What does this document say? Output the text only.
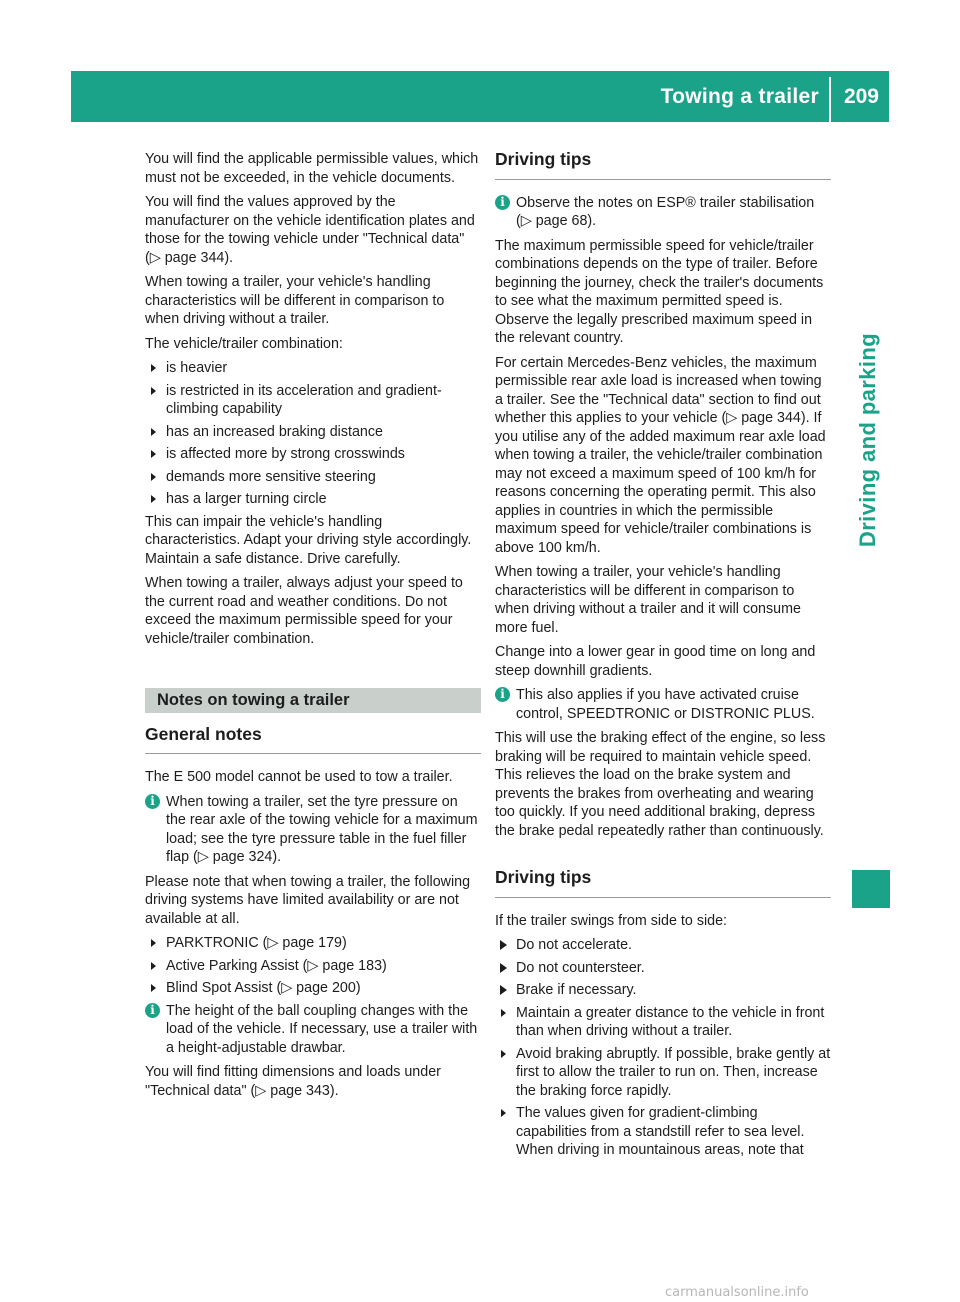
Towing a trailer 209
Driving and parking

You will find the applicable permissible values, which must not be exceeded, in the vehicle documents.

You will find the values approved by the manufacturer on the vehicle identification plates and those for the towing vehicle under "Technical data" (▷ page 344).

When towing a trailer, your vehicle's handling characteristics will be different in comparison to when driving without a trailer.

The vehicle/trailer combination:

is heavier
is restricted in its acceleration and gradient-climbing capability
has an increased braking distance
is affected more by strong crosswinds
demands more sensitive steering
has a larger turning circle

This can impair the vehicle's handling characteristics. Adapt your driving style accordingly. Maintain a safe distance. Drive carefully.

When towing a trailer, always adjust your speed to the current road and weather conditions. Do not exceed the maximum permissible speed for your vehicle/trailer combination.

Notes on towing a trailer
General notes

The E 500 model cannot be used to tow a trailer.

i When towing a trailer, set the tyre pressure on the rear axle of the towing vehicle for a maximum load; see the tyre pressure table in the fuel filler flap (▷ page 324).

Please note that when towing a trailer, the following driving systems have limited availability or are not available at all.

PARKTRONIC (▷ page 179)
Active Parking Assist (▷ page 183)
Blind Spot Assist (▷ page 200)
i The height of the ball coupling changes with the load of the vehicle. If necessary, use a trailer with a height-adjustable drawbar.

You will find fitting dimensions and loads under "Technical data" (▷ page 343).

Driving tips
i Observe the notes on ESP® trailer stabilisation (▷ page 68).

The maximum permissible speed for vehicle/trailer combinations depends on the type of trailer. Before beginning the journey, check the trailer's documents to see what the maximum permitted speed is. Observe the legally prescribed maximum speed in the relevant country.

For certain Mercedes-Benz vehicles, the maximum permissible rear axle load is increased when towing a trailer. See the "Technical data" section to find out whether this applies to your vehicle (▷ page 344). If you utilise any of the added maximum rear axle load when towing a trailer, the vehicle/trailer combination may not exceed a maximum speed of 100 km/h for reasons concerning the operating permit. This also applies in countries in which the permissible maximum speed for vehicle/trailer combinations is above 100 km/h.

When towing a trailer, your vehicle's handling characteristics will be different in comparison to when driving without a trailer and it will consume more fuel.

Change into a lower gear in good time on long and steep downhill gradients.

i This also applies if you have activated cruise control, SPEEDTRONIC or DISTRONIC PLUS.

This will use the braking effect of the engine, so less braking will be required to maintain vehicle speed. This relieves the load on the brake system and prevents the brakes from overheating and wearing too quickly. If you need additional braking, depress the brake pedal repeatedly rather than continuously.

Driving tips

If the trailer swings from side to side:

Do not accelerate.
Do not countersteer.
Brake if necessary.
Maintain a greater distance to the vehicle in front than when driving without a trailer.
Avoid braking abruptly. If possible, brake gently at first to allow the trailer to run on. Then, increase the braking force rapidly.
The values given for gradient-climbing capabilities from a standstill refer to sea level. When driving in mountainous areas, note that
carmanualsonline.info
